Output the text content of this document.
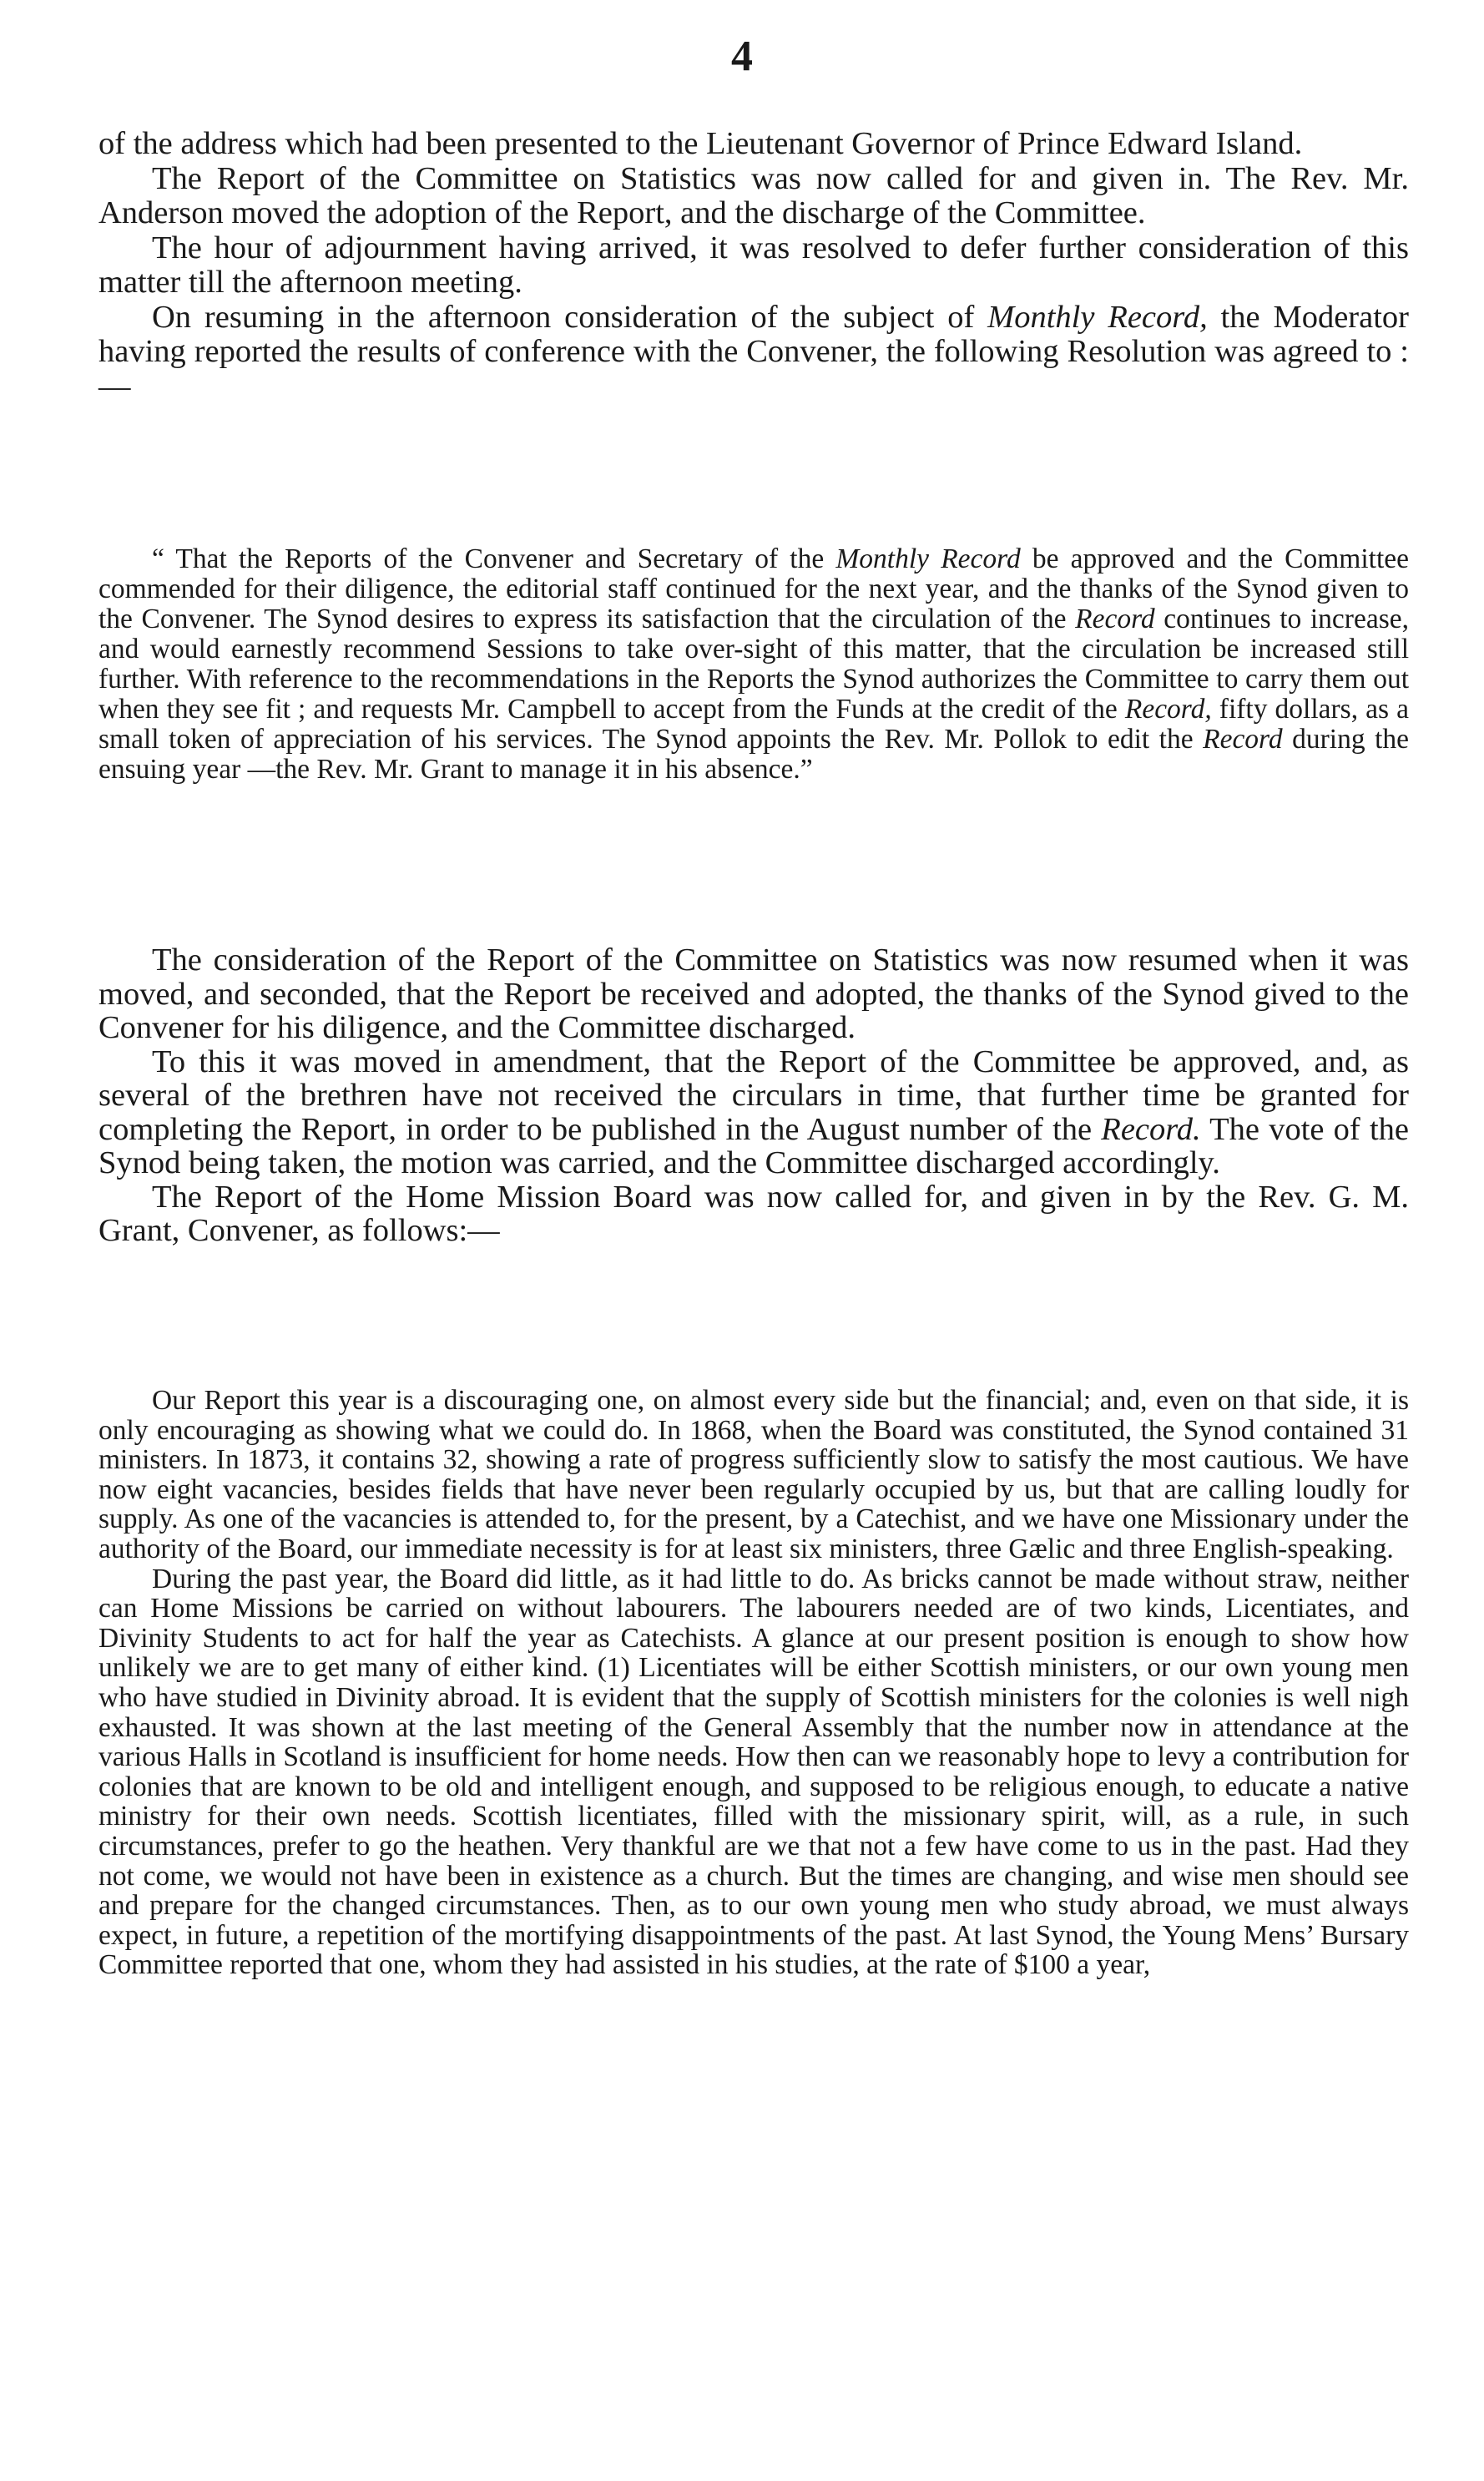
4

of the address which had been presented to the Lieutenant Governor of Prince Edward Island.

The Report of the Committee on Statistics was now called for and given in. The Rev. Mr. Anderson moved the adoption of the Report, and the discharge of the Committee.

The hour of adjournment having arrived, it was resolved to defer further consideration of this matter till the afternoon meeting.

On resuming in the afternoon consideration of the subject of Monthly Record, the Moderator having reported the results of conference with the Convener, the following Resolution was agreed to :—

“ That the Reports of the Convener and Secretary of the Monthly Record be approved and the Committee commended for their diligence, the editorial staff continued for the next year, and the thanks of the Synod given to the Convener. The Synod desires to express its satisfaction that the circulation of the Record continues to increase, and would earnestly recommend Sessions to take over-sight of this matter, that the circulation be increased still further. With reference to the recommendations in the Reports the Synod authorizes the Committee to carry them out when they see fit ; and requests Mr. Campbell to accept from the Funds at the credit of the Record, fifty dollars, as a small token of appreciation of his services. The Synod appoints the Rev. Mr. Pollok to edit the Record during the ensuing year —the Rev. Mr. Grant to manage it in his absence.”

The consideration of the Report of the Committee on Statistics was now resumed when it was moved, and seconded, that the Report be received and adopted, the thanks of the Synod gived to the Convener for his diligence, and the Committee discharged.

To this it was moved in amendment, that the Report of the Committee be approved, and, as several of the brethren have not received the circulars in time, that further time be granted for completing the Report, in order to be published in the August number of the Record. The vote of the Synod being taken, the motion was carried, and the Committee discharged accordingly.

The Report of the Home Mission Board was now called for, and given in by the Rev. G. M. Grant, Convener, as follows:—

Our Report this year is a discouraging one, on almost every side but the financial; and, even on that side, it is only encouraging as showing what we could do. In 1868, when the Board was constituted, the Synod contained 31 ministers. In 1873, it contains 32, showing a rate of progress sufficiently slow to satisfy the most cautious. We have now eight vacancies, besides fields that have never been regularly occupied by us, but that are calling loudly for supply. As one of the vacancies is attended to, for the present, by a Catechist, and we have one Missionary under the authority of the Board, our immediate necessity is for at least six ministers, three Gælic and three English-speaking.

During the past year, the Board did little, as it had little to do. As bricks cannot be made without straw, neither can Home Missions be carried on without labourers. The labourers needed are of two kinds, Licentiates, and Divinity Students to act for half the year as Catechists. A glance at our present position is enough to show how unlikely we are to get many of either kind. (1) Licentiates will be either Scottish ministers, or our own young men who have studied in Divinity abroad. It is evident that the supply of Scottish ministers for the colonies is well nigh exhausted. It was shown at the last meeting of the General Assembly that the number now in attendance at the various Halls in Scotland is insufficient for home needs. How then can we reasonably hope to levy a contribution for colonies that are known to be old and intelligent enough, and supposed to be religious enough, to educate a native ministry for their own needs. Scottish licentiates, filled with the missionary spirit, will, as a rule, in such circumstances, prefer to go the heathen. Very thankful are we that not a few have come to us in the past. Had they not come, we would not have been in existence as a church. But the times are changing, and wise men should see and prepare for the changed circumstances. Then, as to our own young men who study abroad, we must always expect, in future, a repetition of the mortifying disappointments of the past. At last Synod, the Young Mens’ Bursary Committee reported that one, whom they had assisted in his studies, at the rate of $100 a year,
